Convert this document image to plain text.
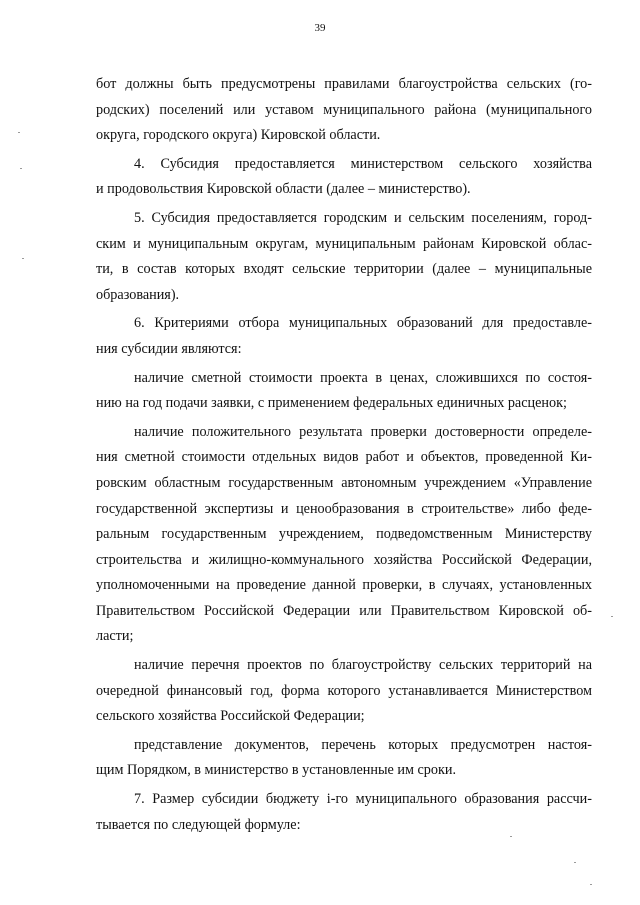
39
бот должны быть предусмотрены правилами благоустройства сельских (го-
родских) поселений или уставом муниципального района (муниципального
округа, городского округа) Кировской области.
4. Субсидия предоставляется министерством сельского хозяйства
и продовольствия Кировской области (далее – министерство).
5. Субсидия предоставляется городским и сельским поселениям, город-
ским и муниципальным округам, муниципальным районам Кировской облас-
ти, в состав которых входят сельские территории (далее – муниципальные
образования).
6. Критериями отбора муниципальных образований для предоставле-
ния субсидии являются:
наличие сметной стоимости проекта в ценах, сложившихся по состоя-
нию на год подачи заявки, с применением федеральных единичных расценок;
наличие положительного результата проверки достоверности определе-
ния сметной стоимости отдельных видов работ и объектов, проведенной Ки-
ровским областным государственным автономным учреждением «Управление
государственной экспертизы и ценообразования в строительстве» либо феде-
ральным государственным учреждением, подведомственным Министерству
строительства и жилищно-коммунального хозяйства Российской Федерации,
уполномоченными на проведение данной проверки, в случаях, установленных
Правительством Российской Федерации или Правительством Кировской об-
ласти;
наличие перечня проектов по благоустройству сельских территорий на
очередной финансовый год, форма которого устанавливается Министерством
сельского хозяйства Российской Федерации;
представление документов, перечень которых предусмотрен настоя-
щим Порядком, в министерство в установленные им сроки.
7. Размер субсидии бюджету i-го муниципального образования рассчи-
тывается по следующей формуле:
